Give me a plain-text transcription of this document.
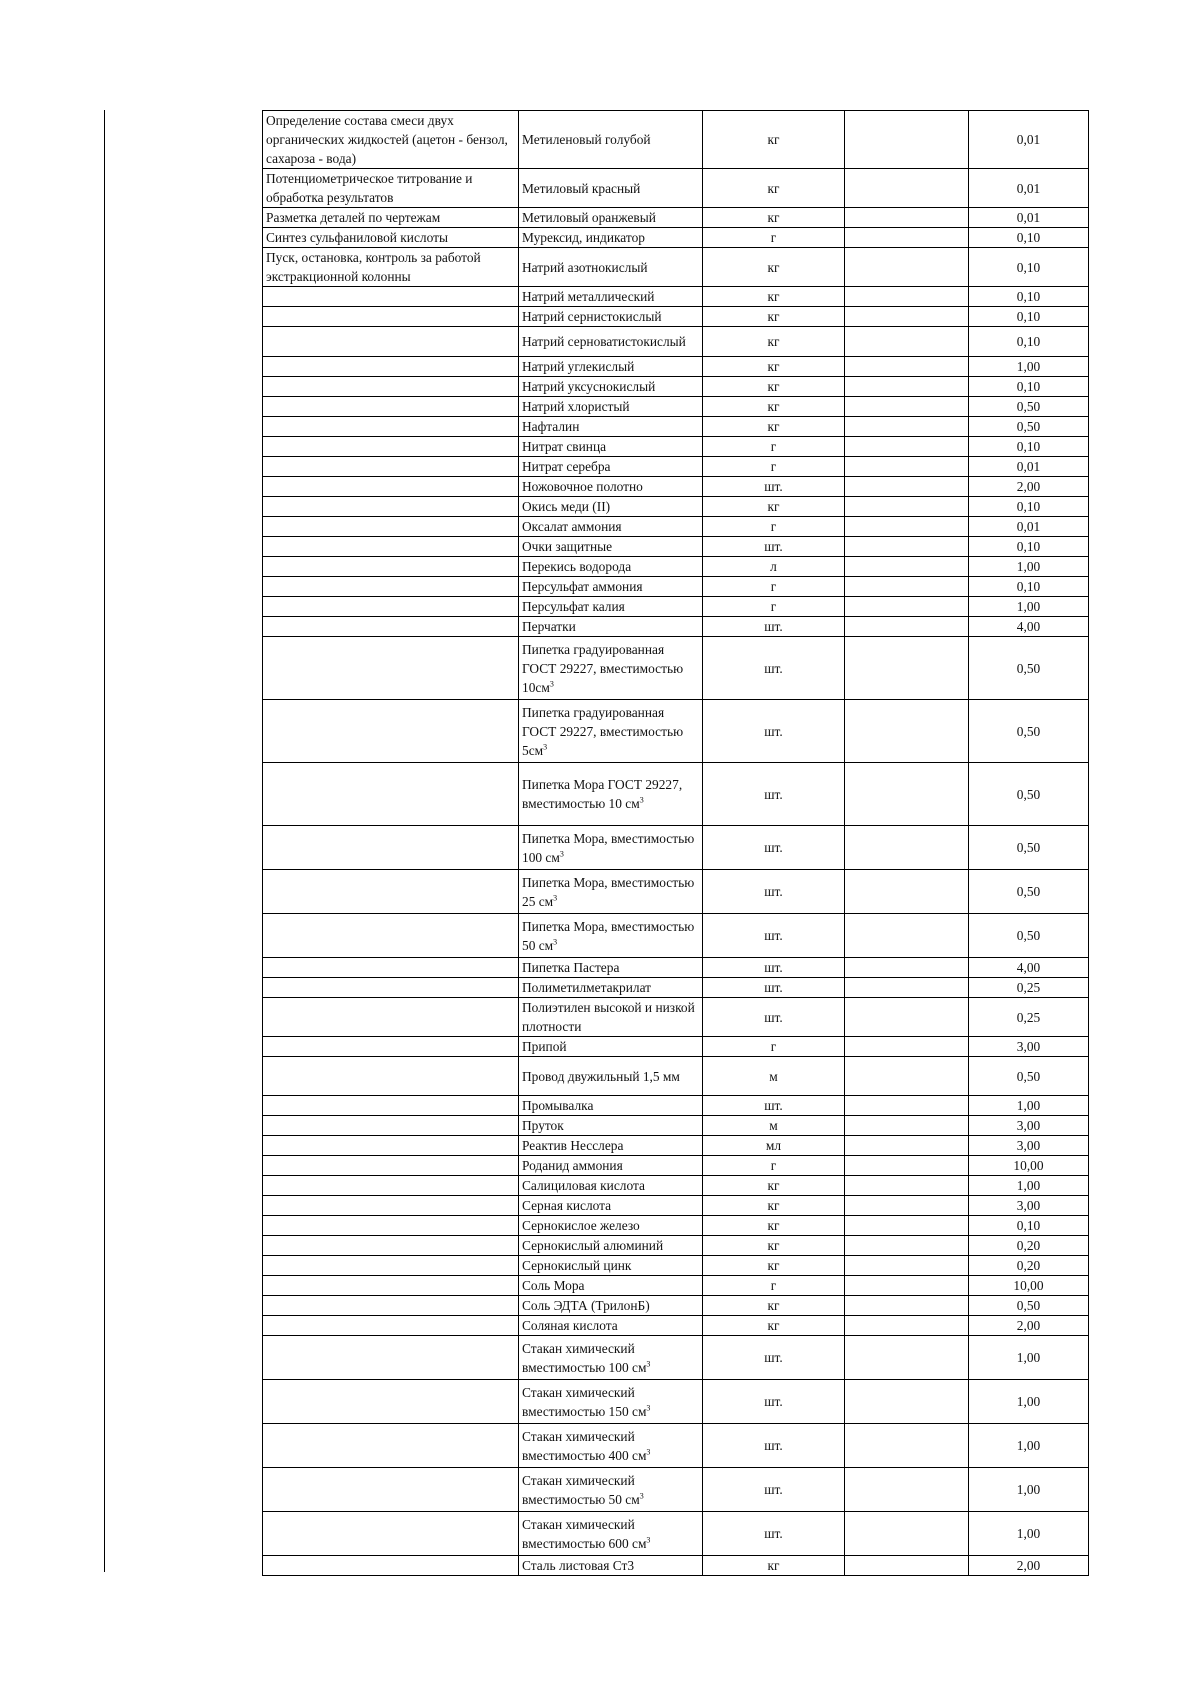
Определение состава смеси двух органических жидкостей (ацетон - бензол, сахароза - вода)	Метиленовый голубой	кг		0,01
Потенциометрическое титрование и обработка результатов	Метиловый красный	кг		0,01
Разметка деталей по чертежам	Метиловый оранжевый	кг		0,01
Синтез сульфаниловой кислоты	Мурексид, индикатор	г		0,10
Пуск, остановка, контроль за работой экстракционной колонны	Натрий азотнокислый	кг		0,10
	Натрий металлический	кг		0,10
	Натрий сернистокислый	кг		0,10
	Натрий серноватистокислый	кг		0,10
	Натрий углекислый	кг		1,00
	Натрий уксуснокислый	кг		0,10
	Натрий хлористый	кг		0,50
	Нафталин	кг		0,50
	Нитрат свинца	г		0,10
	Нитрат серебра	г		0,01
	Ножовочное полотно	шт.		2,00
	Окись меди (II)	кг		0,10
	Оксалат аммония	г		0,01
	Очки защитные	шт.		0,10
	Перекись водорода	л		1,00
	Персульфат аммония	г		0,10
	Персульфат калия	г		1,00
	Перчатки	шт.		4,00
	Пипетка градуированная ГОСТ 29227, вместимостью $10см^3$	шт.		0,50
	Пипетка градуированная ГОСТ 29227, вместимостью $5см^3$	шт.		0,50
	Пипетка Мора ГОСТ 29227, вместимостью 10 $см^3$	шт.		0,50
	Пипетка Мора, вместимостью 100 $см^3$	шт.		0,50
	Пипетка Мора, вместимостью 25 $см^3$	шт.		0,50
	Пипетка Мора, вместимостью 50 $см^3$	шт.		0,50
	Пипетка Пастера	шт.		4,00
	Полиметилметакрилат	шт.		0,25
	Полиэтилен высокой и низкой плотности	шт.		0,25
	Припой	г		3,00
	Провод двужильный 1,5 мм	м		0,50
	Промывалка	шт.		1,00
	Пруток	м		3,00
	Реактив Несслера	мл		3,00
	Роданид аммония	г		10,00
	Салициловая кислота	кг		1,00
	Серная кислота	кг		3,00
	Сернокислое железо	кг		0,10
	Сернокислый алюминий	кг		0,20
	Сернокислый цинк	кг		0,20
	Соль Мора	г		10,00
	Соль ЭДТА (ТрилонБ)	кг		0,50
	Соляная кислота	кг		2,00
	Стакан химический вместимостью 100 $см^3$	шт.		1,00
	Стакан химический вместимостью 150 $см^3$	шт.		1,00
	Стакан химический вместимостью 400 $см^3$	шт.		1,00
	Стакан химический вместимостью 50 $см^3$	шт.		1,00
	Стакан химический вместимостью 600 $см^3$	шт.		1,00
	Сталь листовая Ст3	кг		2,00
